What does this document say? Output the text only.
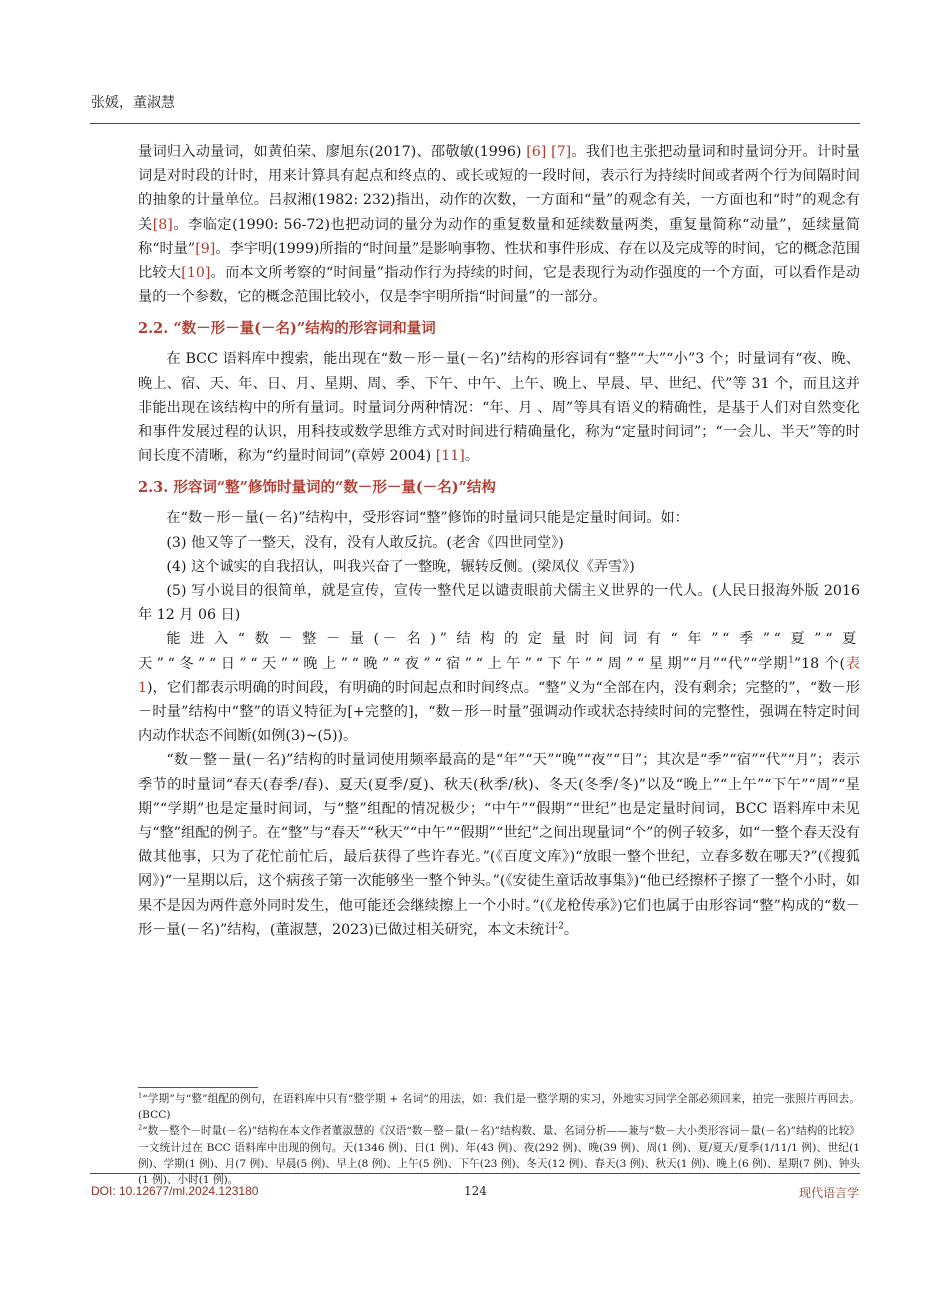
张媛，董淑慧

量词归入动量词，如黄伯荣、廖旭东(2017)、邵敬敏(1996) [6] [7]。我们也主张把动量词和时量词分开。计时量词是对时段的计时，用来计算具有起点和终点的、或长或短的一段时间，表示行为持续时间或者两个行为间隔时间的抽象的计量单位。吕叔湘(1982: 232)指出，动作的次数，一方面和“量”的观念有关，一方面也和“时”的观念有关[8]。李临定(1990: 56-72)也把动词的量分为动作的重复数量和延续数量两类，重复量简称“动量”，延续量简称“时量”[9]。李宇明(1999)所指的“时间量”是影响事物、性状和事件形成、存在以及完成等的时间，它的概念范围比较大[10]。而本文所考察的“时间量”指动作行为持续的时间，它是表现行为动作强度的一个方面，可以看作是动量的一个参数，它的概念范围比较小，仅是李宇明所指“时间量”的一部分。

2.2. “数－形－量(－名)”结构的形容词和量词

在 BCC 语料库中搜索，能出现在“数－形－量(－名)”结构的形容词有“整”“大”“小”3 个；时量词有“夜、晚、晚上、宿、天、年、日、月、星期、周、季、下午、中午、上午、晚上、早晨、早、世纪、代”等 31 个，而且这并非能出现在该结构中的所有量词。时量词分两种情况：“年、月 、周”等具有语义的精确性，是基于人们对自然变化和事件发展过程的认识，用科技或数学思维方式对时间进行精确量化，称为“定量时间词”；“一会儿、半天”等的时间长度不清晰，称为“约量时间词”(章婷 2004) [11]。

2.3. 形容词“整”修饰时量词的“数－形－量(－名)”结构

在“数－形－量(－名)”结构中，受形容词“整”修饰的时量词只能是定量时间词。如：

(3) 他又等了一整天，没有，没有人敢反抗。(老舍《四世同堂》)

(4) 这个诚实的自我招认，叫我兴奋了一整晚，辗转反侧。(梁凤仪《弄雪》)

(5) 写小说目的很简单，就是宣传，宣传一整代足以谴责眼前犬儒主义世界的一代人。(人民日报海外版 2016 年 12 月 06 日)

能进入“数－整－量(－名)”结构的定量时间词有“年”“季”“夏”“夏天”“冬”“日”“天”“晚上”“晚”“夜”“宿”“上午”“下午”“周”“星期”“月”“代”“学期$^1$”18 个(表 1)，它们都表示明确的时间段，有明确的时间起点和时间终点。“整”义为“全部在内，没有剩余；完整的”，“数－形－时量”结构中“整”的语义特征为[+完整的]，“数－形－时量”强调动作或状态持续时间的完整性，强调在特定时间内动作状态不间断(如例(3)~(5))。

“数－整－量(－名)”结构的时量词使用频率最高的是“年”“天”“晚”“夜”“日”；其次是“季”“宿”“代”“月”；表示季节的时量词“春天(春季/春)、夏天(夏季/夏)、秋天(秋季/秋)、冬天(冬季/冬)”以及“晚上”“上午”“下午”“周”“星期”“学期”也是定量时间词，与“整”组配的情况极少；“中午”“假期”“世纪”也是定量时间词，BCC 语料库中未见与“整”组配的例子。在“整”与“春天”“秋天”“中午”“假期”“世纪”之间出现量词“个”的例子较多，如“一整个春天没有做其他事，只为了花忙前忙后，最后获得了些许春光。”(《百度文库》)“放眼一整个世纪，立春多数在哪天?”(《搜狐网》)“一星期以后，这个病孩子第一次能够坐一整个钟头。”(《安徒生童话故事集》)“他已经擦杯子擦了一整个小时，如果不是因为两件意外同时发生，他可能还会继续擦上一个小时。”(《龙枪传承》)它们也属于由形容词“整”构成的“数－形－量(－名)”结构，(董淑慧，2023)已做过相关研究，本文未统计$^2$。

$^1$“学期”与“整”组配的例句，在语料库中只有“整学期 + 名词”的用法，如：我们是一整学期的实习，外地实习同学全部必须回来，拍完一张照片再回去。(BCC)

$^2$“数－整个－时量(－名)”结构在本文作者董淑慧的《汉语“数－整－量(－名)”结构数、量、名词分析——兼与“数－大小类形容词－量(－名)”结构的比较》一文统计过在 BCC 语料库中出现的例句。天(1346 例)、日(1 例)、年(43 例)、夜(292 例)、晚(39 例)、周(1 例)、夏/夏天/夏季(1/11/1 例)、世纪(1 例)、学期(1 例)、月(7 例)、早晨(5 例)、早上(8 例)、上午(5 例)、下午(23 例)、冬天(12 例)、春天(3 例)、秋天(1 例)、晚上(6 例)、星期(7 例)、钟头(1 例)、小时(1 例)。

DOI: 10.12677/ml.2024.123180	124	现代语言学
